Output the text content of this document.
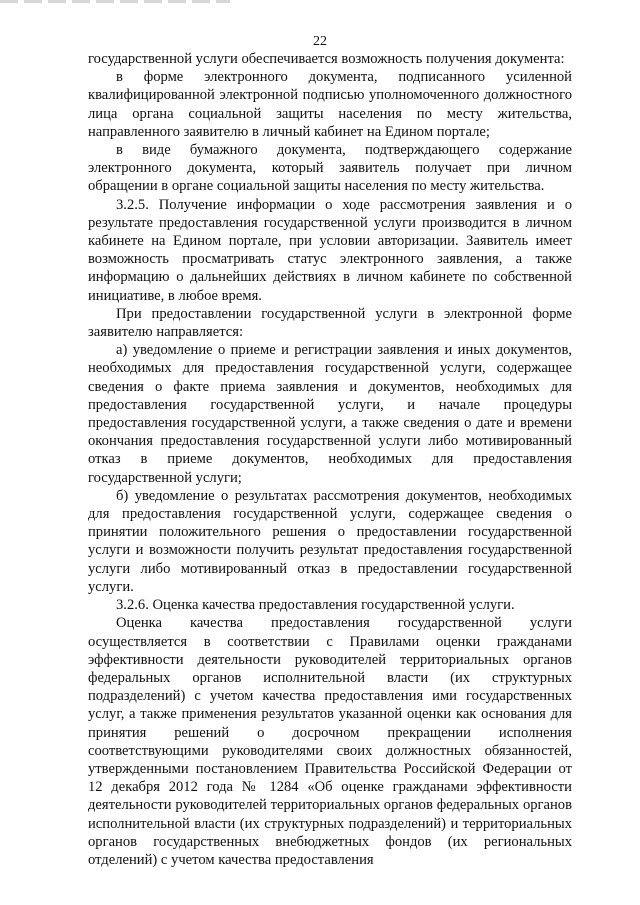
22

государственной услуги обеспечивается возможность получения документа:

в форме электронного документа, подписанного усиленной квалифицированной электронной подписью уполномоченного должностного лица органа социальной защиты населения по месту жительства, направленного заявителю в личный кабинет на Едином портале;

в виде бумажного документа, подтверждающего содержание электронного документа, который заявитель получает при личном обращении в органе социальной защиты населения по месту жительства.

3.2.5. Получение информации о ходе рассмотрения заявления и о результате предоставления государственной услуги производится в личном кабинете на Едином портале, при условии авторизации. Заявитель имеет возможность просматривать статус электронного заявления, а также информацию о дальнейших действиях в личном кабинете по собственной инициативе, в любое время.

При предоставлении государственной услуги в электронной форме заявителю направляется:

а) уведомление о приеме и регистрации заявления и иных документов, необходимых для предоставления государственной услуги, содержащее сведения о факте приема заявления и документов, необходимых для предоставления государственной услуги, и начале процедуры предоставления государственной услуги, а также сведения о дате и времени окончания предоставления государственной услуги либо мотивированный отказ в приеме документов, необходимых для предоставления государственной услуги;

б) уведомление о результатах рассмотрения документов, необходимых для предоставления государственной услуги, содержащее сведения о принятии положительного решения о предоставлении государственной услуги и возможности получить результат предоставления государственной услуги либо мотивированный отказ в предоставлении государственной услуги.

3.2.6. Оценка качества предоставления государственной услуги.

Оценка качества предоставления государственной услуги осуществляется в соответствии с Правилами оценки гражданами эффективности деятельности руководителей территориальных органов федеральных органов исполнительной власти (их структурных подразделений) с учетом качества предоставления ими государственных услуг, а также применения результатов указанной оценки как основания для принятия решений о досрочном прекращении исполнения соответствующими руководителями своих должностных обязанностей, утвержденными постановлением Правительства Российской Федерации от 12 декабря 2012 года № 1284 «Об оценке гражданами эффективности деятельности руководителей территориальных органов федеральных органов исполнительной власти (их структурных подразделений) и территориальных органов государственных внебюджетных фондов (их региональных отделений) с учетом качества предоставления
